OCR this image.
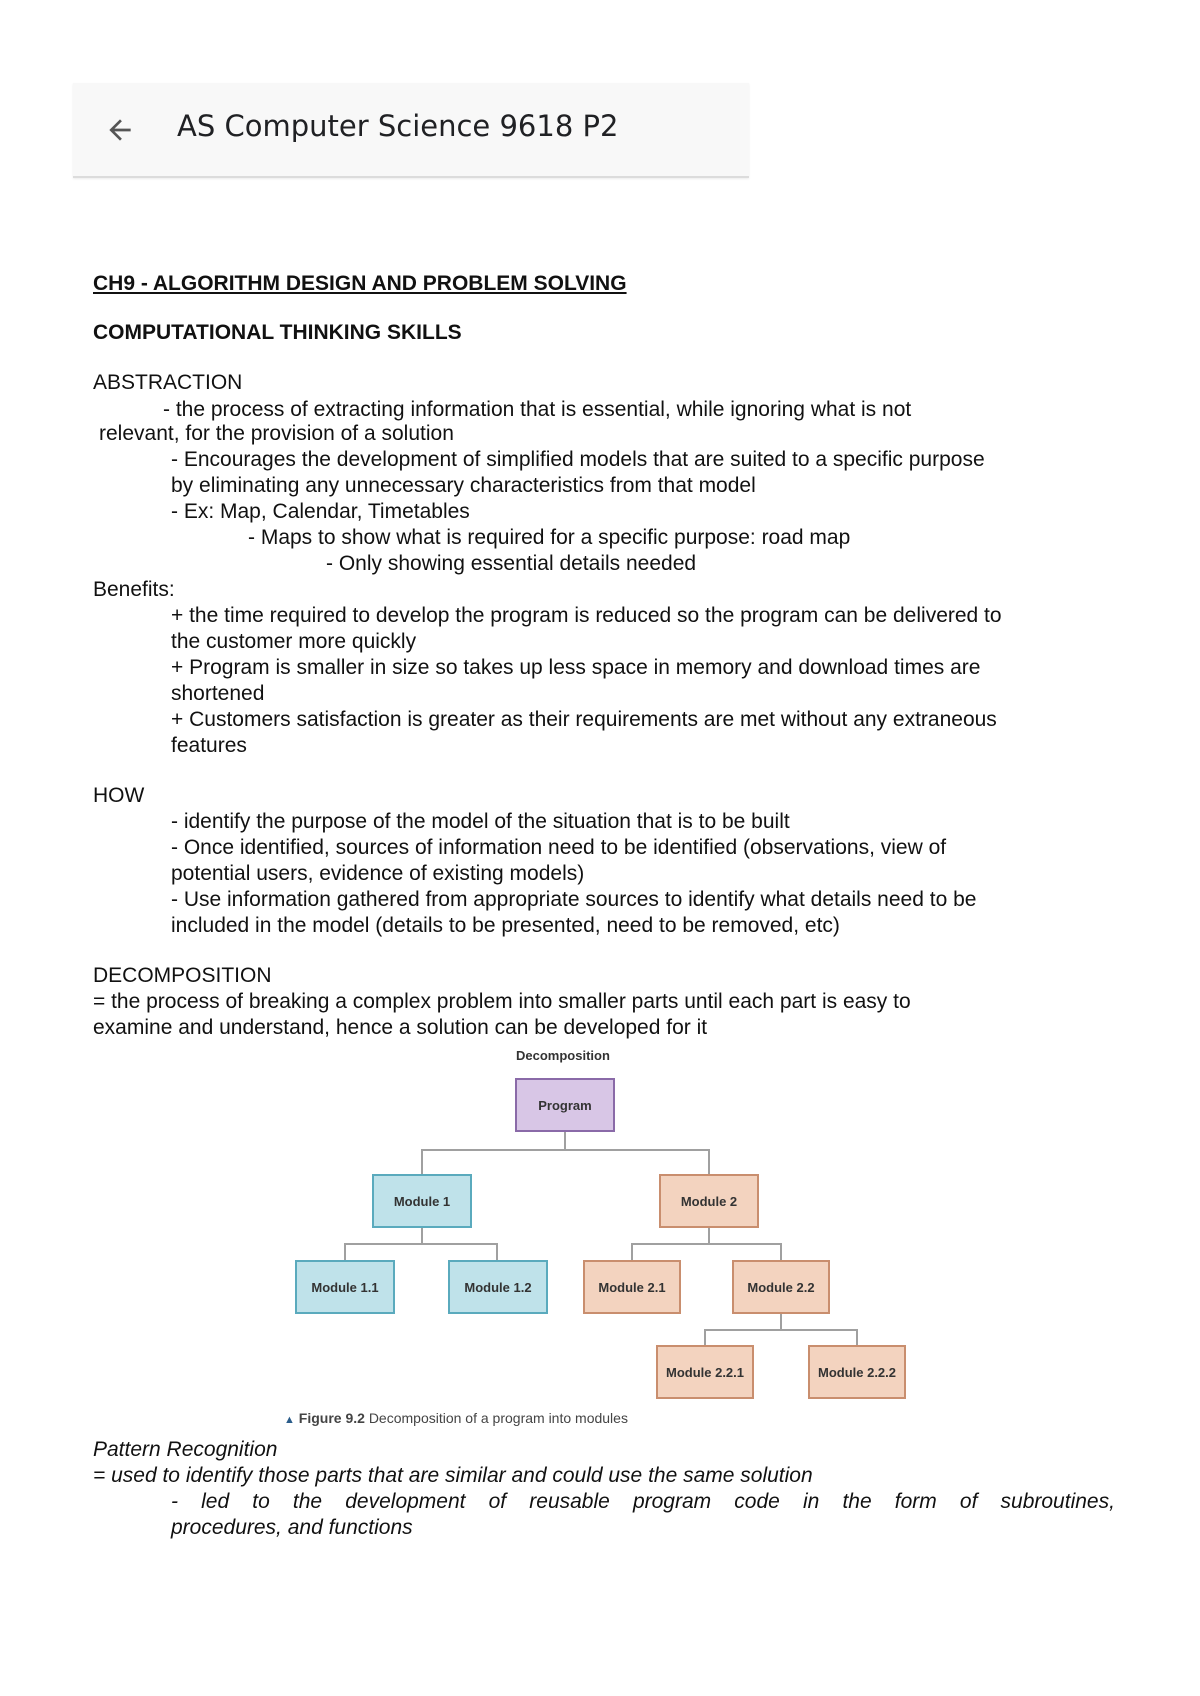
AS Computer Science 9618 P2
CH9 - ALGORITHM DESIGN AND PROBLEM SOLVING
COMPUTATIONAL THINKING SKILLS
ABSTRACTION
- the process of extracting information that is essential, while ignoring what is not
relevant, for the provision of a solution
- Encourages the development of simplified models that are suited to a specific purpose
by eliminating any unnecessary characteristics from that model
- Ex: Map, Calendar, Timetables
- Maps to show what is required for a specific purpose: road map
- Only showing essential details needed
Benefits:
+ the time required to develop the program is reduced so the program can be delivered to
the customer more quickly
+ Program is smaller in size so takes up less space in memory and download times are
shortened
+ Customers satisfaction is greater as their requirements are met without any extraneous
features
HOW
- identify the purpose of the model of the situation that is to be built
- Once identified, sources of information need to be identified (observations, view of
potential users, evidence of existing models)
- Use information gathered from appropriate sources to identify what details need to be
included in the model (details to be presented, need to be removed, etc)
DECOMPOSITION
= the process of breaking a complex problem into smaller parts until each part is easy to
examine and understand, hence a solution can be developed for it
Decomposition
Program
Module 1	Module 2
Module 1.1	Module 1.2	Module 2.1	Module 2.2
Module 2.2.1	Module 2.2.2
▲ Figure 9.2 Decomposition of a program into modules
Pattern Recognition
= used to identify those parts that are similar and could use the same solution
- led to the development of reusable program code in the form of subroutines,
procedures, and functions
